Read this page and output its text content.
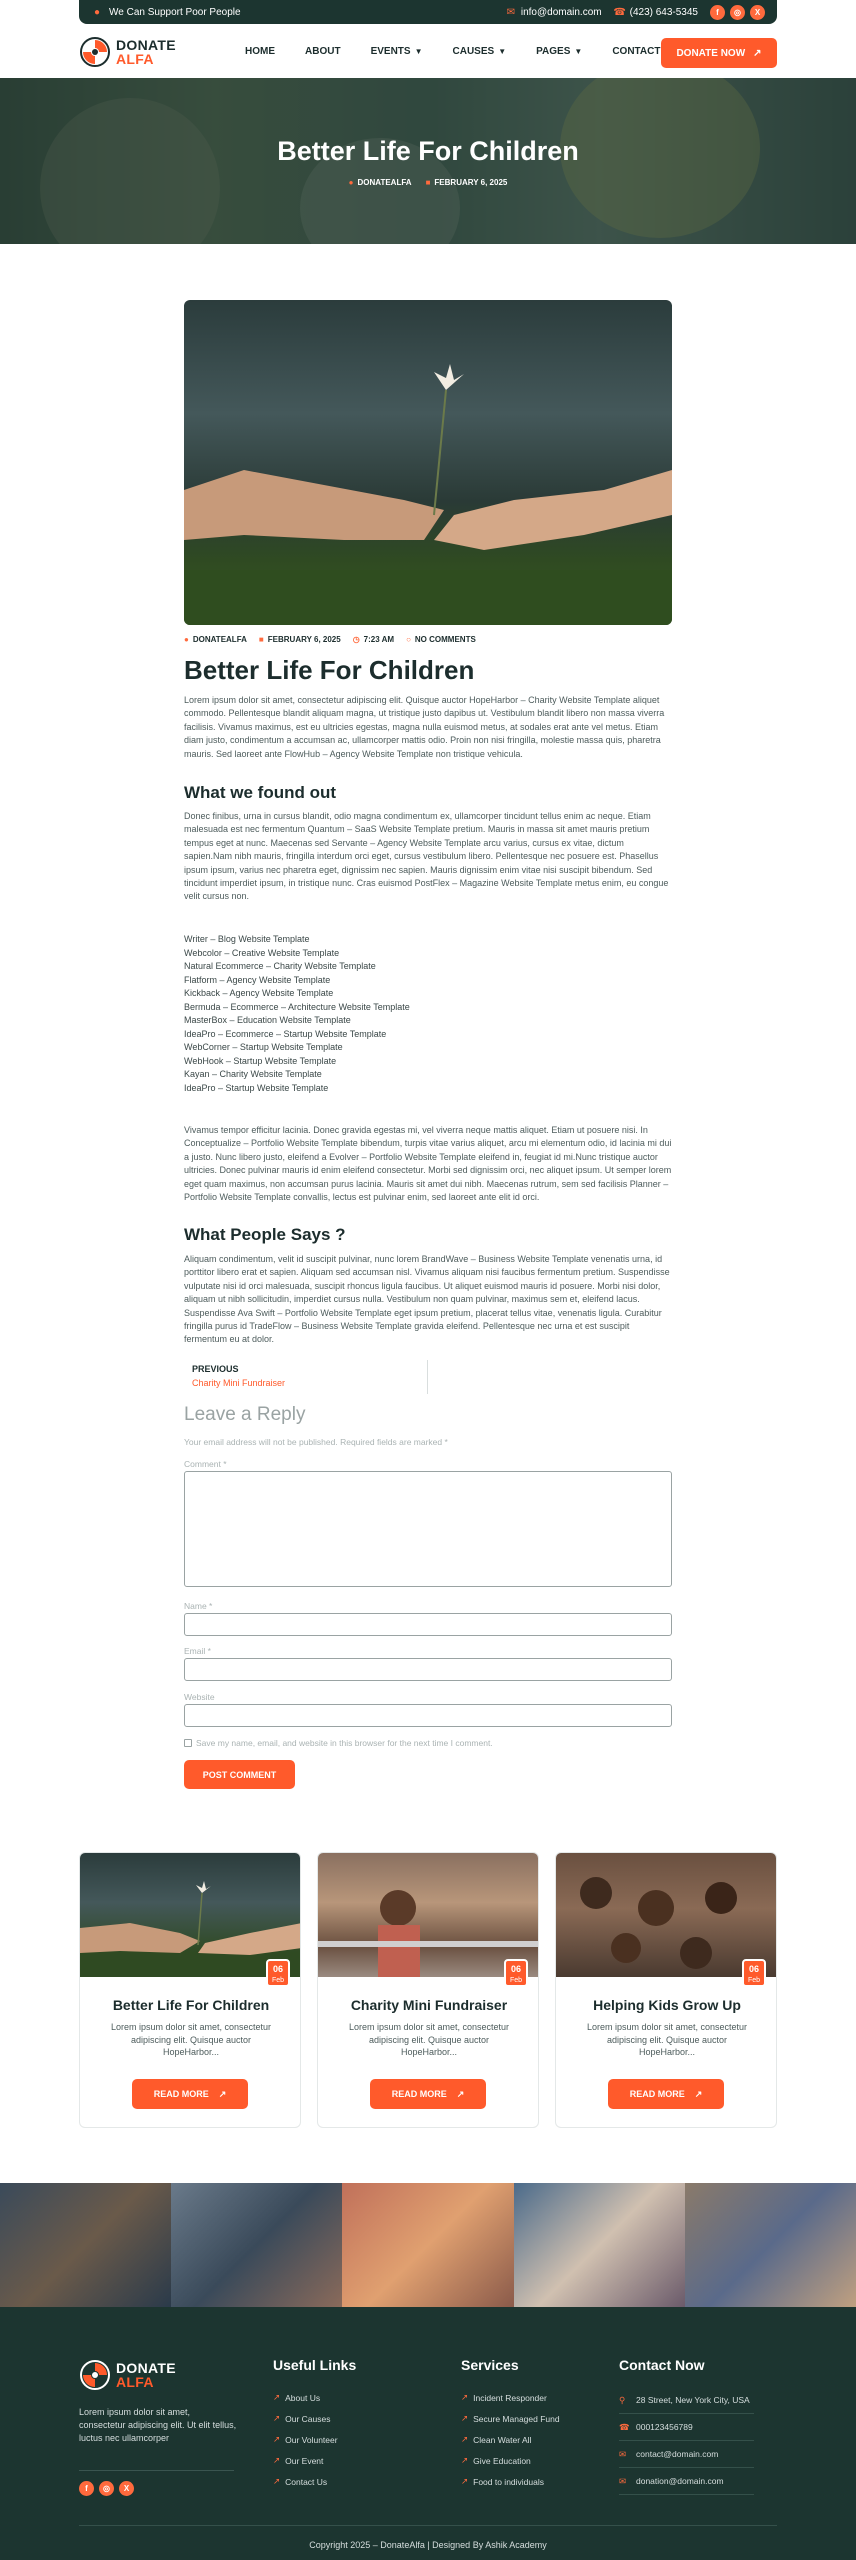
● We Can Support Poor People	✉ info@domain.com ☎ (423) 643-5345	f	◎	X
DONATE
ALFA	HOME	ABOUT	EVENTS ▼	CAUSES ▼	PAGES ▼	CONTACT DONATE NOW ↗
Better Life For Children
● DONATEALFA ■ FEBRUARY 6, 2025
● DONATEALFA ■ FEBRUARY 6, 2025 ◷ 7:23 AM ○ NO COMMENTS
Better Life For Children
Lorem ipsum dolor sit amet, consectetur adipiscing elit. Quisque auctor HopeHarbor – Charity Website Template aliquet commodo. Pellentesque blandit aliquam magna, ut tristique justo dapibus ut. Vestibulum blandit libero non massa viverra facilisis. Vivamus maximus, est eu ultricies egestas, magna nulla euismod metus, at sodales erat ante vel metus. Etiam diam justo, condimentum a accumsan ac, ullamcorper mattis odio. Proin non nisi fringilla, molestie massa quis, pharetra mauris. Sed laoreet ante FlowHub – Agency Website Template non tristique vehicula.
What we found out
Donec finibus, urna in cursus blandit, odio magna condimentum ex, ullamcorper tincidunt tellus enim ac neque. Etiam malesuada est nec fermentum Quantum – SaaS Website Template pretium. Mauris in massa sit amet mauris pretium tempus eget at nunc. Maecenas sed Servante – Agency Website Template arcu varius, cursus ex vitae, dictum sapien.Nam nibh mauris, fringilla interdum orci eget, cursus vestibulum libero. Pellentesque nec posuere est. Phasellus ipsum ipsum, varius nec pharetra eget, dignissim nec sapien. Mauris dignissim enim vitae nisi suscipit bibendum. Sed tincidunt imperdiet ipsum, in tristique nunc. Cras euismod PostFlex – Magazine Website Template metus enim, eu congue velit cursus non.
Writer – Blog Website Template
Webcolor – Creative Website Template
Natural Ecommerce – Charity Website Template
Flatform – Agency Website Template
Kickback – Agency Website Template
Bermuda – Ecommerce – Architecture Website Template
MasterBox – Education Website Template
IdeaPro – Ecommerce – Startup Website Template
WebCorner – Startup Website Template
WebHook – Startup Website Template
Kayan – Charity Website Template
IdeaPro – Startup Website Template
Vivamus tempor efficitur lacinia. Donec gravida egestas mi, vel viverra neque mattis aliquet. Etiam ut posuere nisi. In Conceptualize – Portfolio Website Template bibendum, turpis vitae varius aliquet, arcu mi elementum odio, id lacinia mi dui a justo. Nunc libero justo, eleifend a Evolver – Portfolio Website Template eleifend in, feugiat id mi.Nunc tristique auctor ultricies. Donec pulvinar mauris id enim eleifend consectetur. Morbi sed dignissim orci, nec aliquet ipsum. Ut semper lorem eget quam maximus, non accumsan purus lacinia. Mauris sit amet dui nibh. Maecenas rutrum, sem sed facilisis Planner – Portfolio Website Template convallis, lectus est pulvinar enim, sed laoreet ante elit id orci.
What People Says ?
Aliquam condimentum, velit id suscipit pulvinar, nunc lorem BrandWave – Business Website Template venenatis urna, id porttitor libero erat et sapien. Aliquam sed accumsan nisl. Vivamus aliquam nisi faucibus fermentum pretium. Suspendisse vulputate nisi id orci malesuada, suscipit rhoncus ligula faucibus. Ut aliquet euismod mauris id posuere. Morbi nisi dolor, aliquam ut nibh sollicitudin, imperdiet cursus nulla. Vestibulum non quam pulvinar, maximus sem et, eleifend lacus. Suspendisse Ava Swift – Portfolio Website Template eget ipsum pretium, placerat tellus vitae, venenatis ligula. Curabitur fringilla purus id TradeFlow – Business Website Template gravida eleifend. Pellentesque nec urna et est suscipit fermentum eu at dolor.
PREVIOUS
Charity Mini Fundraiser
Leave a Reply
Your email address will not be published. Required fields are marked *
Comment *
Name *
Email *
Website
Save my name, email, and website in this browser for the next time I comment.
POST COMMENT
06
Feb
Better Life For Children
Lorem ipsum dolor sit amet, consectetur adipiscing elit. Quisque auctor HopeHarbor...
READ MORE ↗
06
Feb
Charity Mini Fundraiser
Lorem ipsum dolor sit amet, consectetur adipiscing elit. Quisque auctor HopeHarbor...
READ MORE ↗
06
Feb
Helping Kids Grow Up
Lorem ipsum dolor sit amet, consectetur adipiscing elit. Quisque auctor HopeHarbor...
READ MORE ↗
DONATE
ALFA
Lorem ipsum dolor sit amet, consectetur adipiscing elit. Ut elit tellus, luctus nec ullamcorper
f	◎	X
Useful Links
↗ About Us
↗ Our Causes
↗ Our Volunteer
↗ Our Event
↗ Contact Us
Services
↗ Incident Responder
↗ Secure Managed Fund
↗ Clean Water All
↗ Give Education
↗ Food to individuals
Contact Now
⚲	28 Street, New York City, USA
☎ 000123456789
✉	contact@domain.com
✉	donation@domain.com
Copyright 2025 – DonateAlfa | Designed By Ashik Academy
